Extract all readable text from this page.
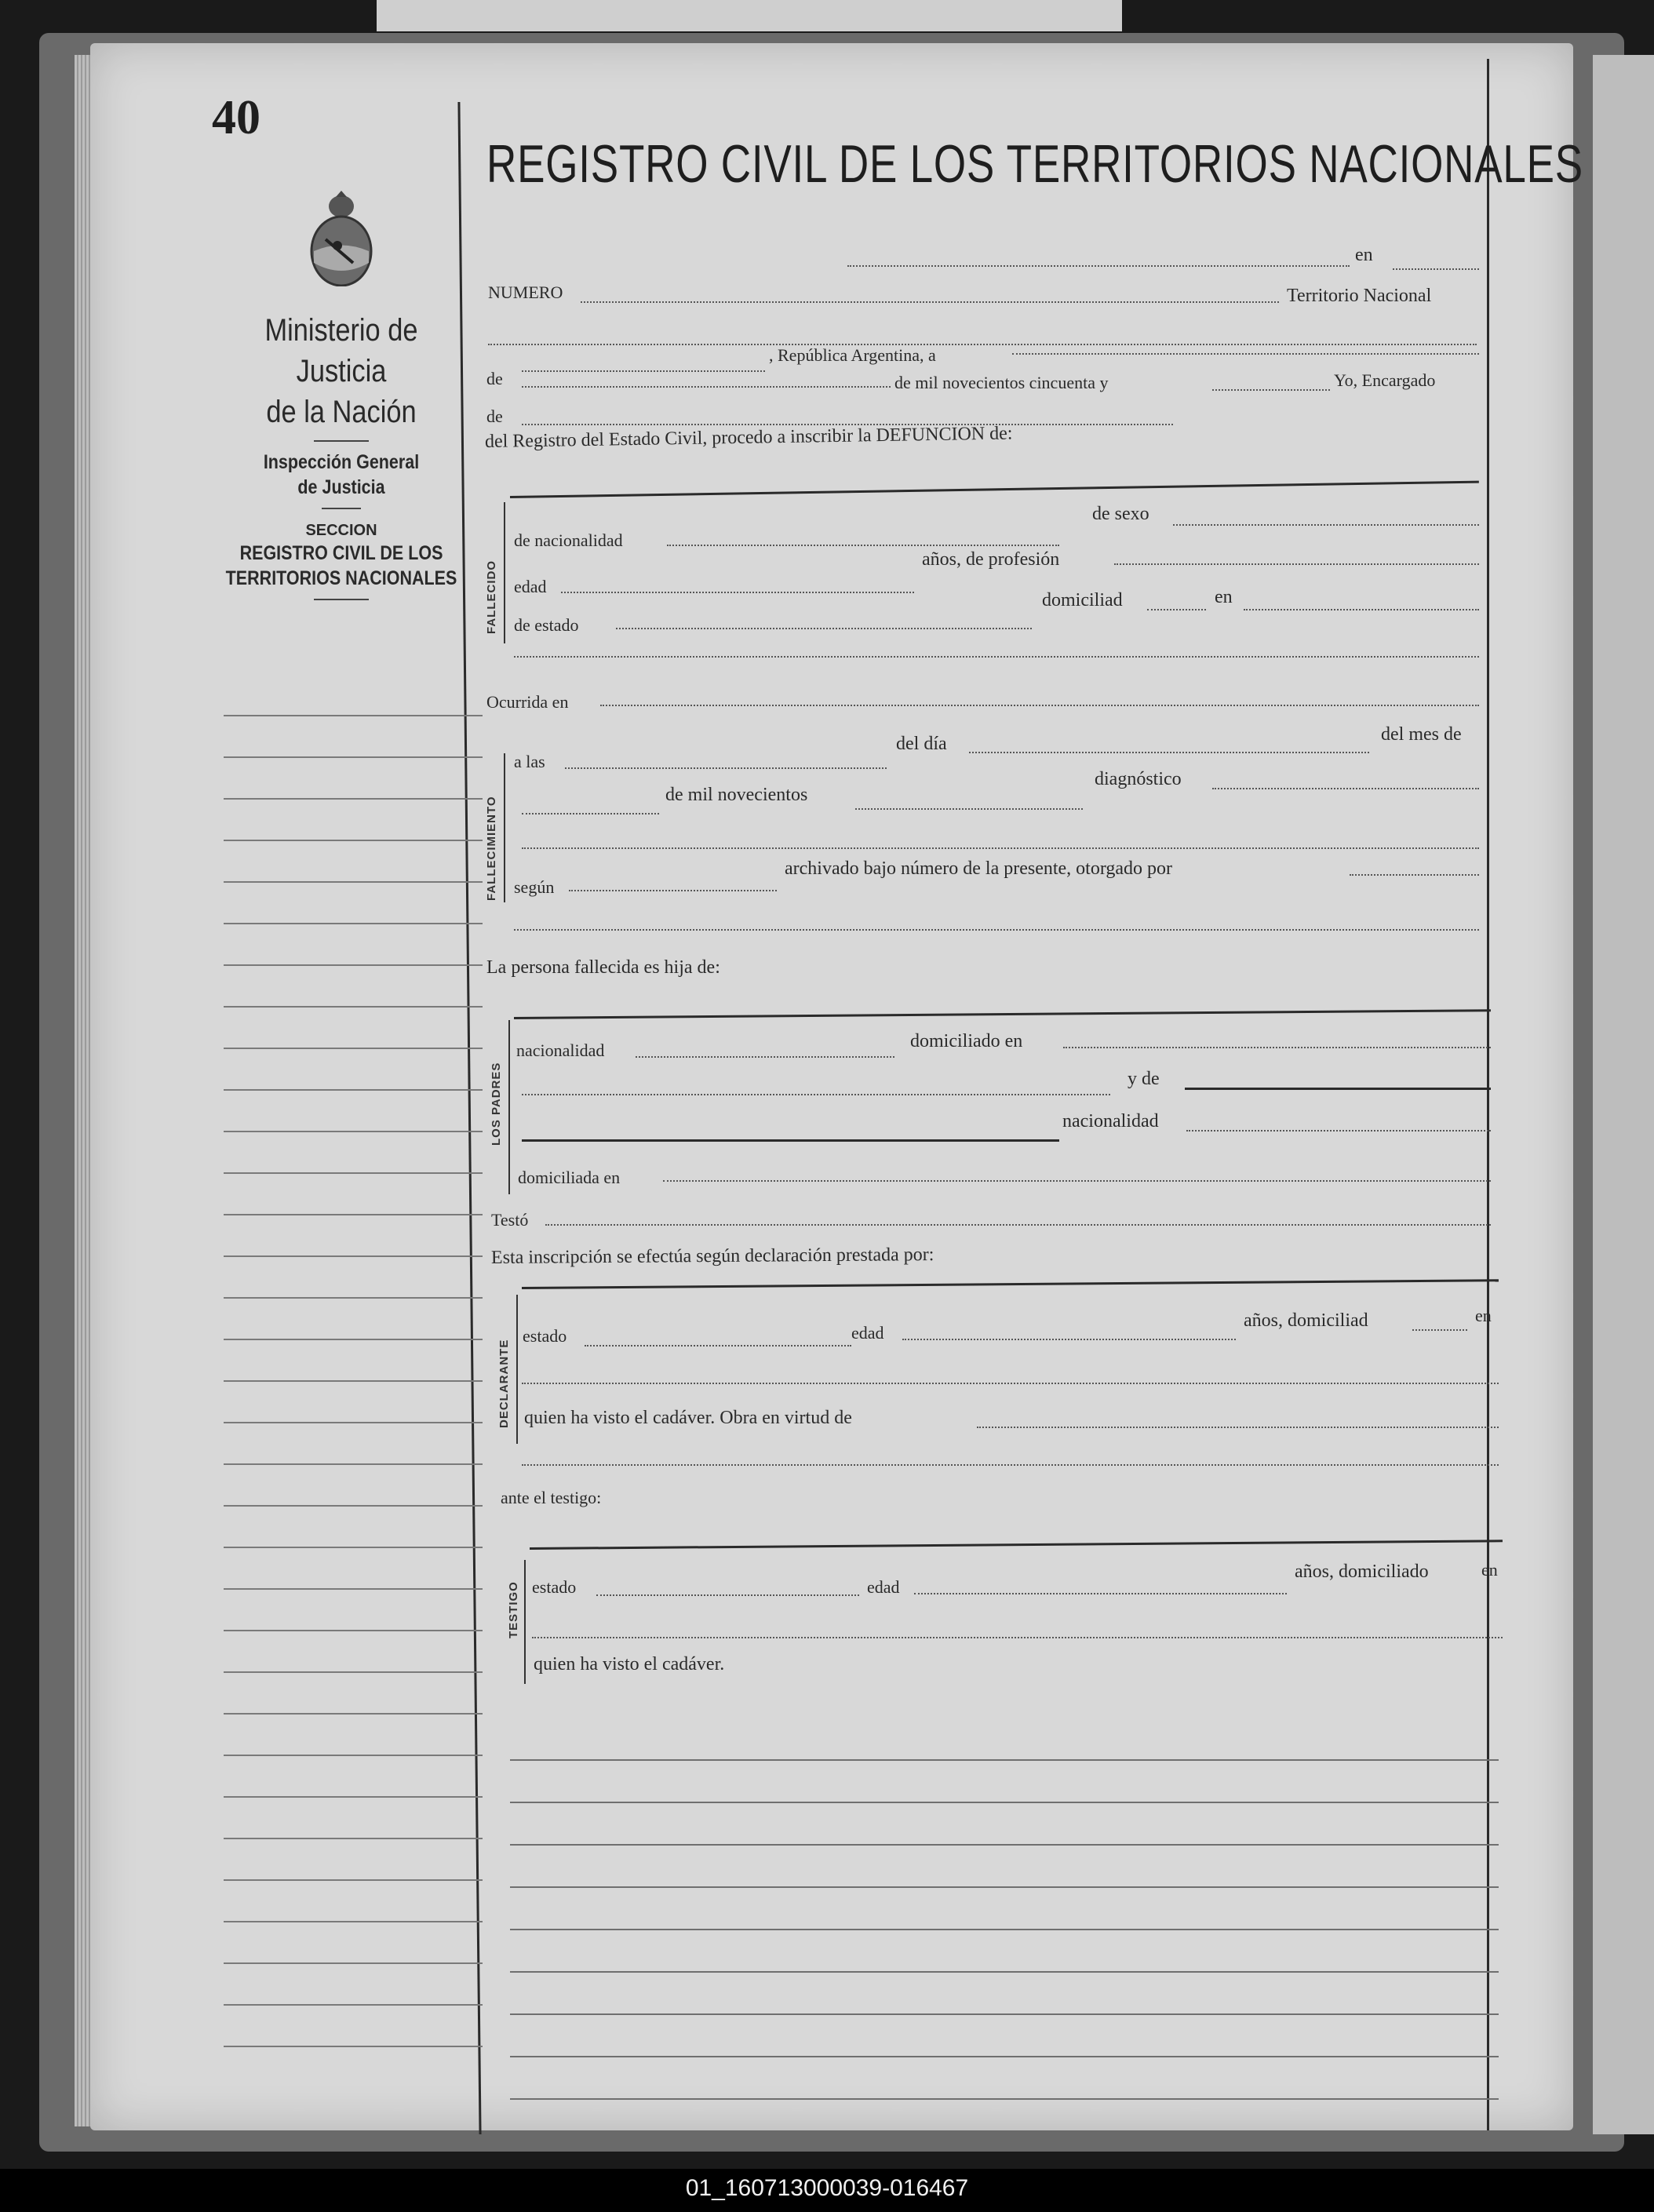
40
Ministerio de Justicia
de la Nación
Inspección General
de Justicia
SECCION
REGISTRO CIVIL DE LOS
TERRITORIOS NACIONALES
REGISTRO CIVIL DE LOS TERRITORIOS NACIONALES
en
NUMERO	Territorio Nacional
, República Argentina, a
de	de mil novecientos cincuenta y	Yo, Encargado
de
del Registro del Estado Civil, procedo a inscribir la DEFUNCION de:
FALLECIDO
de sexo
de nacionalidad
edad
años, de profesión
de estado
domiciliad	en
Ocurrida en
FALLECIMIENTO
a las
del día	del mes de
de mil novecientos
diagnóstico
según
archivado bajo número de la presente, otorgado por
La persona fallecida es hija de:
LOS PADRES
nacionalidad	domiciliado en
y de
nacionalidad
domiciliada en
Testó
Esta inscripción se efectúa según declaración prestada por:
DECLARANTE
estado	edad
años, domiciliad	en
quien ha visto el cadáver. Obra en virtud de
ante el testigo:
TESTIGO estado	edad
años, domiciliado	en
quien ha visto el cadáver.
01_160713000039-016467
